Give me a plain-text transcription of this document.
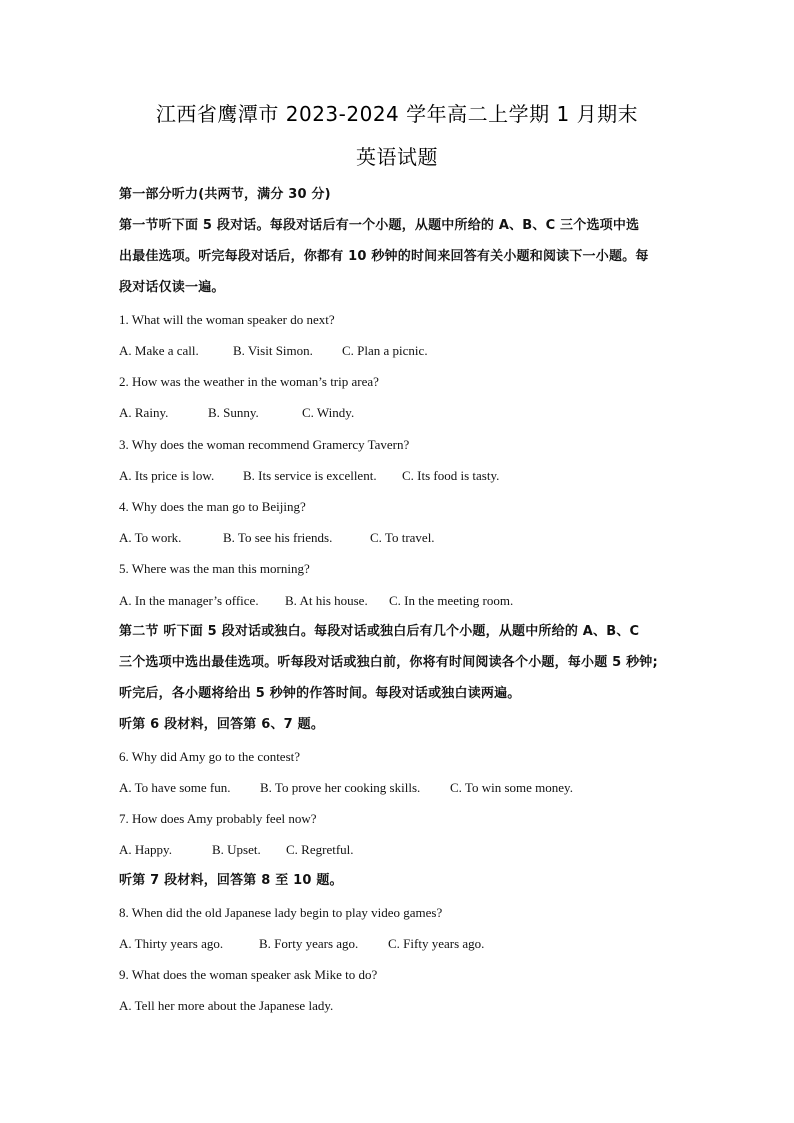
江西省鹰潭市 2023-2024 学年高二上学期 1 月期末
英语试题
第一部分听力(共两节，满分 30 分)
第一节听下面 5 段对话。每段对话后有一个小题，从题中所给的 A、B、C 三个选项中选
出最佳选项。听完每段对话后，你都有 10 秒钟的时间来回答有关小题和阅读下一小题。每
段对话仅读一遍。
1. What will the woman speaker do next?
A. Make a call.	B. Visit Simon. C. Plan a picnic.
2. How was the weather in the woman’s trip area?
A. Rainy.	B. Sunny.	C. Windy.
3. Why does the woman recommend Gramercy Tavern?
A. Its price is low. B. Its service is excellent. C. Its food is tasty.
4. Why does the man go to Beijing?
A. To work.	B. To see his friends.	C. To travel.
5. Where was the man this morning?
A. In the manager’s office. B. At his house. C. In the meeting room.
第二节 听下面 5 段对话或独白。每段对话或独白后有几个小题，从题中所给的 A、B、C
三个选项中选出最佳选项。听每段对话或独白前，你将有时间阅读各个小题，每小题 5 秒钟;
听完后，各小题将给出 5 秒钟的作答时间。每段对话或独白读两遍。
听第 6 段材料，回答第 6、7 题。
6. Why did Amy go to the contest?
A. To have some fun. B. To prove her cooking skills. C. To win some money.
7. How does Amy probably feel now?
A. Happy.	B. Upset. C. Regretful.
听第 7 段材料，回答第 8 至 10 题。
8. When did the old Japanese lady begin to play video games?
A. Thirty years ago.	B. Forty years ago. C. Fifty years ago.
9. What does the woman speaker ask Mike to do?
A. Tell her more about the Japanese lady.
